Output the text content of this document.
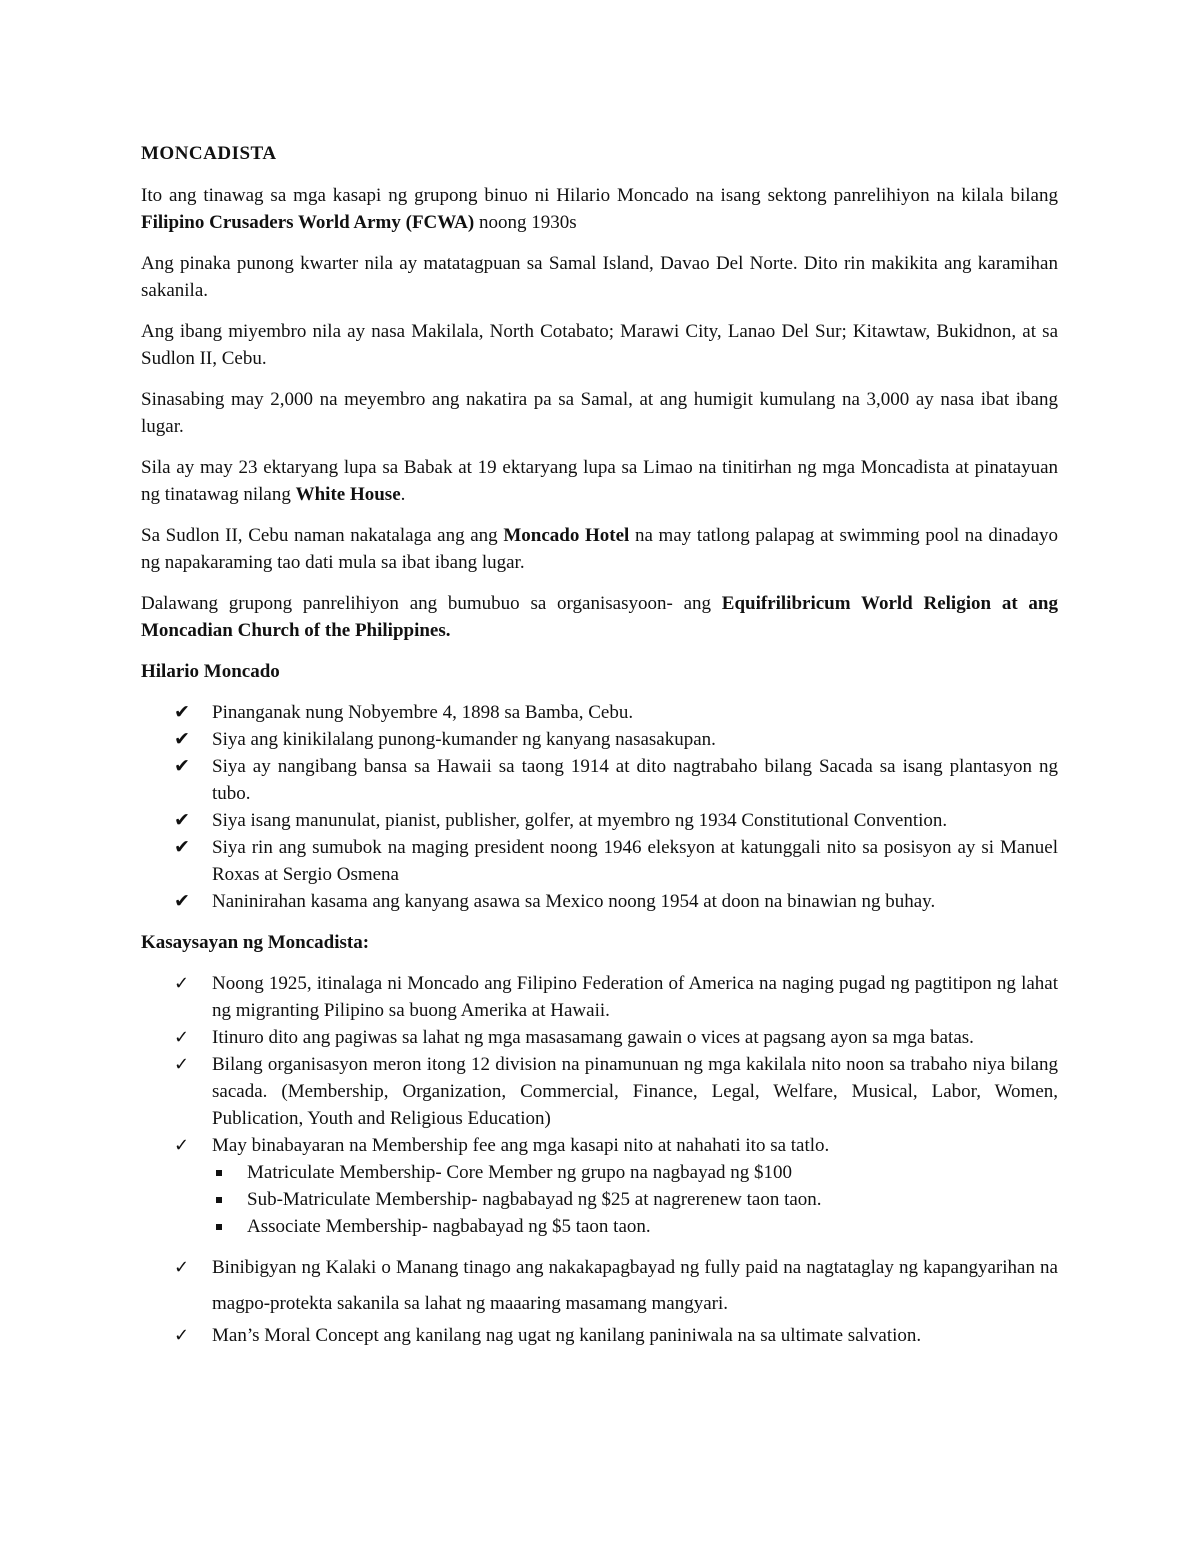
MONCADISTA

Ito ang tinawag sa mga kasapi ng grupong binuo ni Hilario Moncado na isang sektong panrelihiyon na kilala bilang Filipino Crusaders World Army (FCWA) noong 1930s

Ang pinaka punong kwarter nila ay matatagpuan sa Samal Island, Davao Del Norte. Dito rin makikita ang karamihan sakanila.

Ang ibang miyembro nila ay nasa Makilala, North Cotabato; Marawi City, Lanao Del Sur; Kitawtaw, Bukidnon, at sa Sudlon II, Cebu.

Sinasabing may 2,000 na meyembro ang nakatira pa sa Samal, at ang humigit kumulang na 3,000 ay nasa ibat ibang lugar.

Sila ay may 23 ektaryang lupa sa Babak at 19 ektaryang lupa sa Limao na tinitirhan ng mga Moncadista at pinatayuan ng tinatawag nilang White House.

Sa Sudlon II, Cebu naman nakatalaga ang ang Moncado Hotel na may tatlong palapag at swimming pool na dinadayo ng napakaraming tao dati mula sa ibat ibang lugar.

Dalawang grupong panrelihiyon ang bumubuo sa organisasyoon- ang Equifrilibricum World Religion at ang Moncadian Church of the Philippines.

Hilario Moncado
✔ Pinanganak nung Nobyembre 4, 1898 sa Bamba, Cebu.
✔ Siya ang kinikilalang punong-kumander ng kanyang nasasakupan.
✔ Siya ay nangibang bansa sa Hawaii sa taong 1914 at dito nagtrabaho bilang Sacada sa isang plantasyon ng tubo.
✔ Siya isang manunulat, pianist, publisher, golfer, at myembro ng 1934 Constitutional Convention.
✔ Siya rin ang sumubok na maging president noong 1946 eleksyon at katunggali nito sa posisyon ay si Manuel Roxas at Sergio Osmena
✔ Naninirahan kasama ang kanyang asawa sa Mexico noong 1954 at doon na binawian ng buhay.
Kasaysayan ng Moncadista:
✓ Noong 1925, itinalaga ni Moncado ang Filipino Federation of America na naging pugad ng pagtitipon ng lahat ng migranting Pilipino sa buong Amerika at Hawaii.
✓ Itinuro dito ang pagiwas sa lahat ng mga masasamang gawain o vices at pagsang ayon sa mga batas.
✓ Bilang organisasyon meron itong 12 division na pinamunuan ng mga kakilala nito noon sa trabaho niya bilang sacada. (Membership, Organization, Commercial, Finance, Legal, Welfare, Musical, Labor, Women, Publication, Youth and Religious Education)
✓ May binabayaran na Membership fee ang mga kasapi nito at nahahati ito sa tatlo.
Matriculate Membership- Core Member ng grupo na nagbayad ng $100
Sub-Matriculate Membership- nagbabayad ng $25 at nagrerenew taon taon.
Associate Membership- nagbabayad ng $5 taon taon.
✓ Binibigyan ng Kalaki o Manang tinago ang nakakapagbayad ng fully paid na nagtataglay ng kapangyarihan na magpo-protekta sakanila sa lahat ng maaaring masamang mangyari.
✓ Man’s Moral Concept ang kanilang nag ugat ng kanilang paniniwala na sa ultimate salvation.
